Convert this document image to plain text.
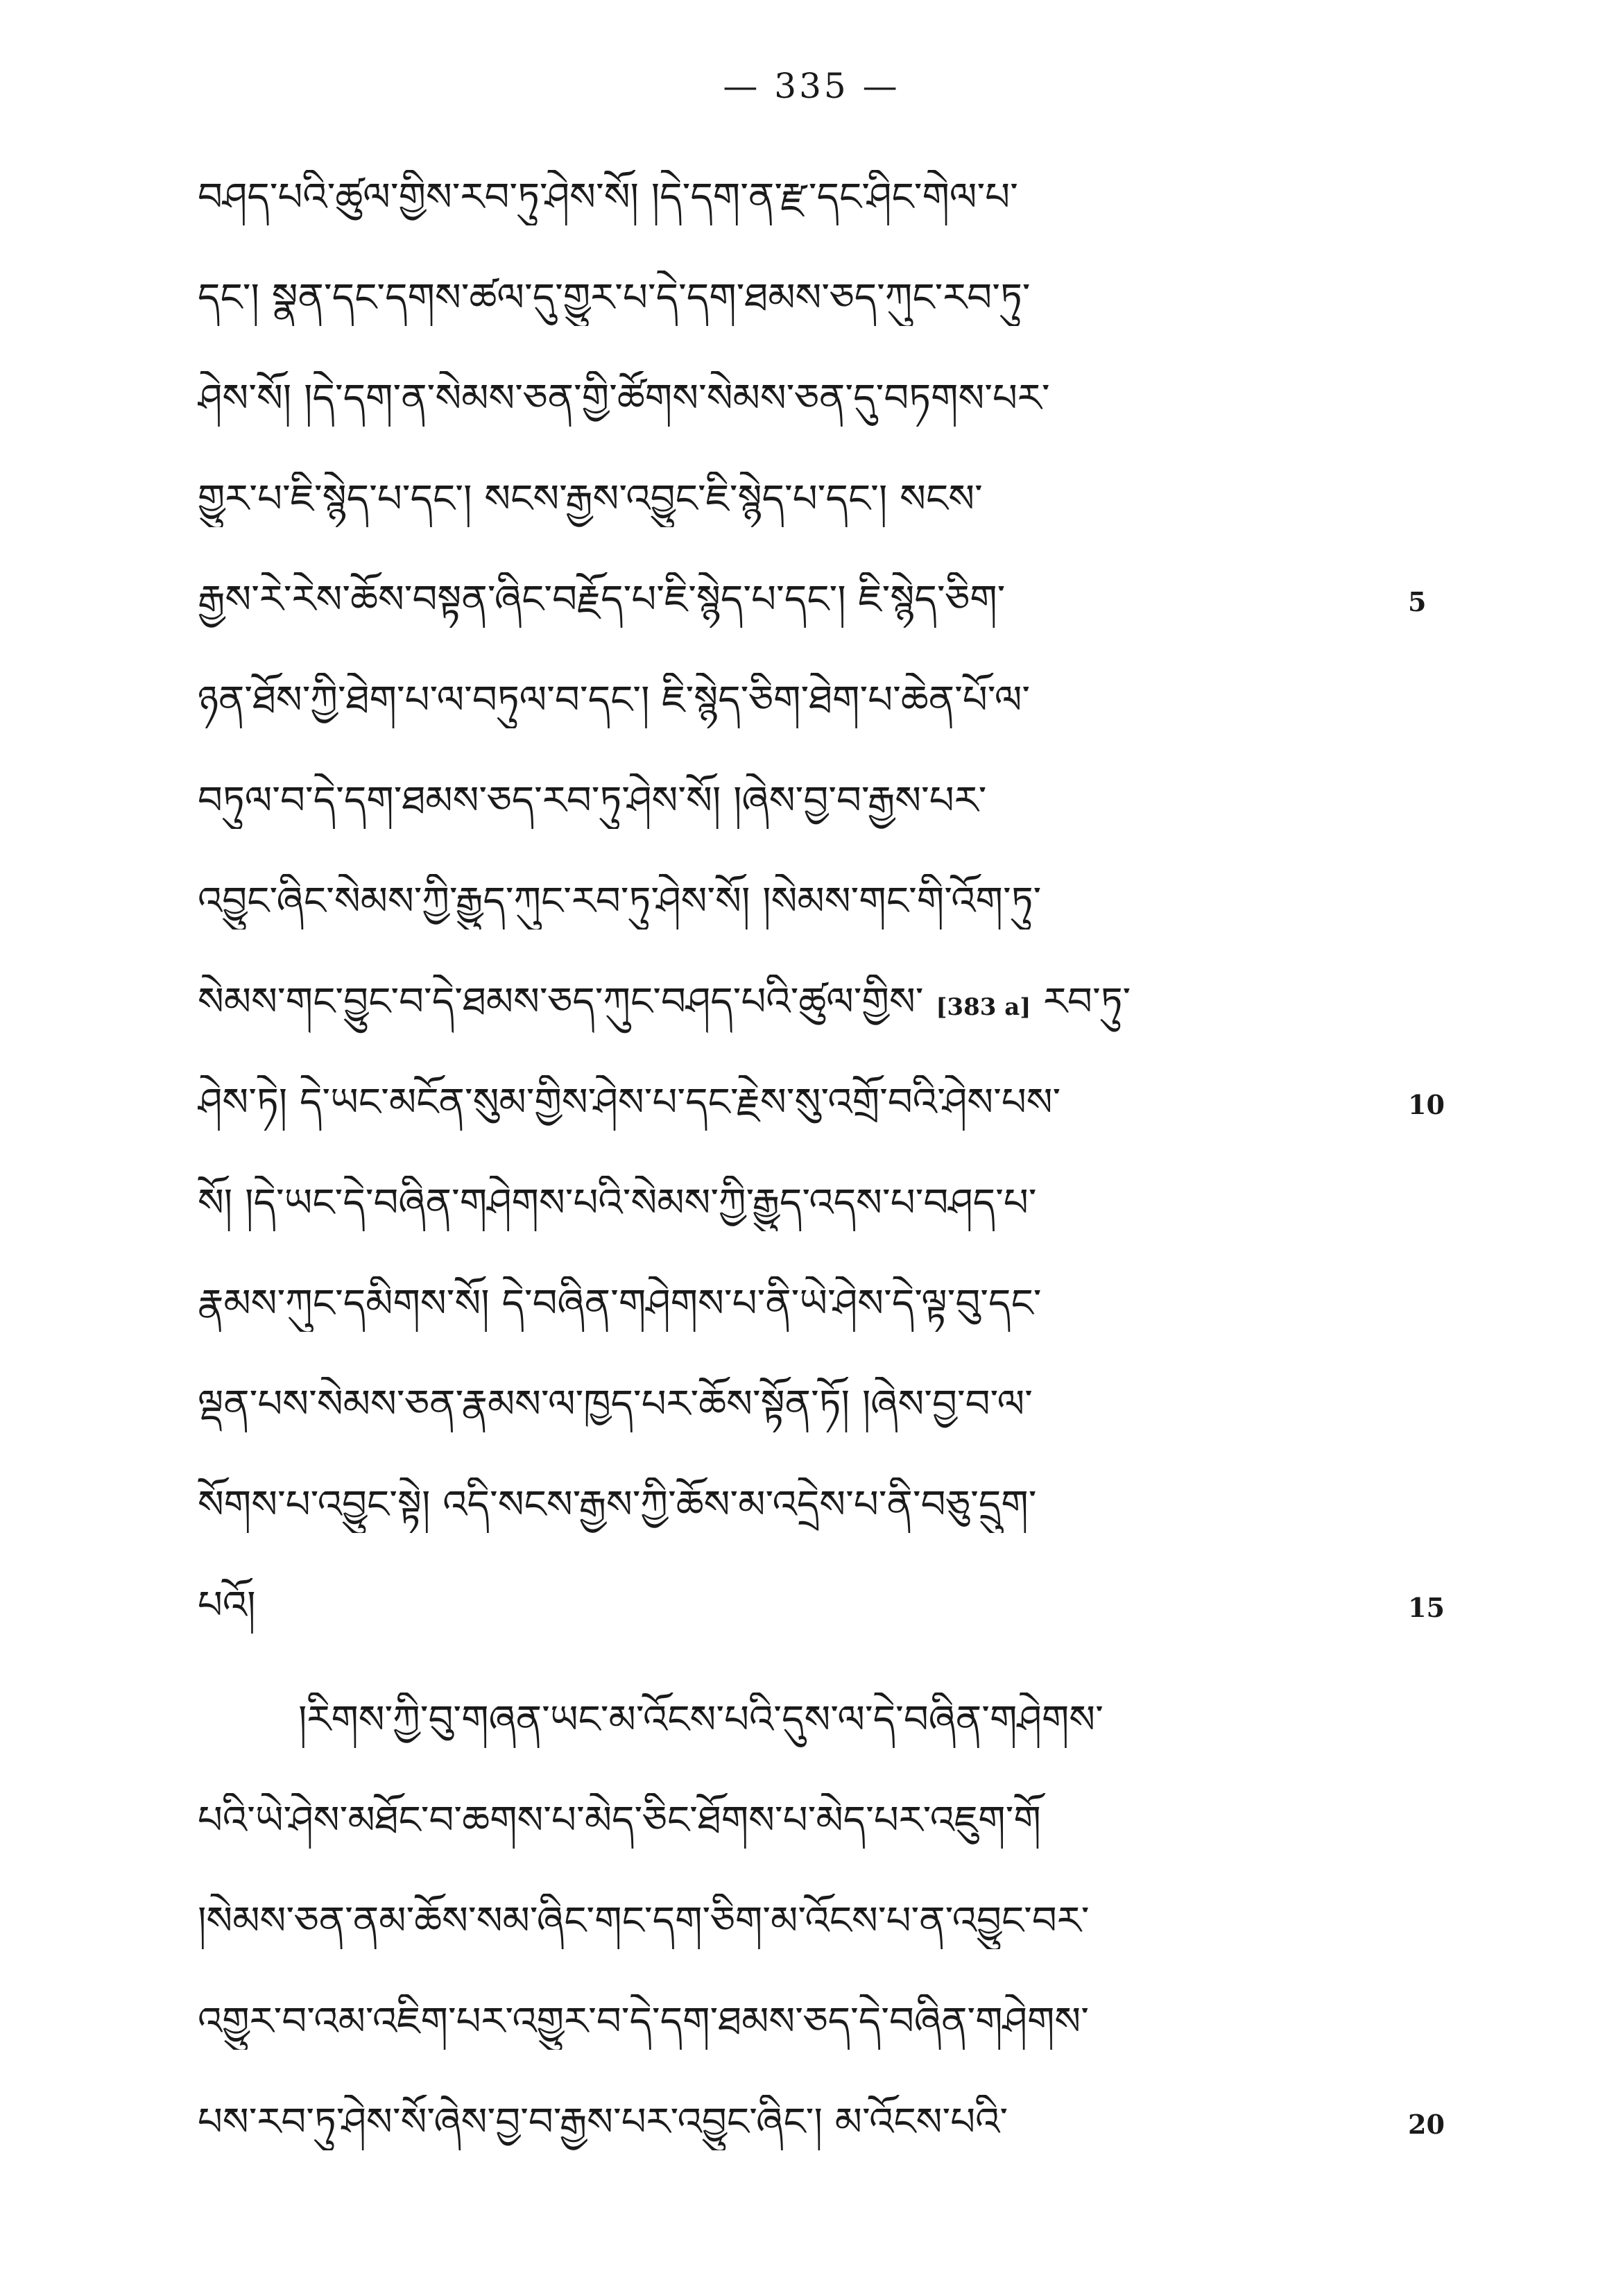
— 335 —
བཤད་པའི་ཚུལ་གྱིས་རབ་ཏུ་ཤེས་སོ། །དེ་དག་ན་རྫ་དང་ཤིང་གེལ་པ་
དང་། སྣན་དང་དགས་ཚལ་དུ་གྱུར་པ་དེ་དག་ཐམས་ཅད་ཀུང་རབ་ཏུ་
ཤེས་སོ། །དེ་དག་ན་སེམས་ཅན་གྱི་ཚོགས་སེམས་ཅན་དུ་བཏགས་པར་
གྱུར་པ་ཇི་སྙེད་པ་དང་། སངས་རྒྱས་འབྱུང་ཇི་སྙེད་པ་དང་། སངས་
རྒྱས་རེ་རེས་ཆོས་བསྟན་ཞིང་བརྗོད་པ་ཇི་སྙེད་པ་དང་། ཇི་སྙེད་ཅིག་
ཉན་ཐོས་ཀྱི་ཐེག་པ་ལ་བཏུལ་བ་དང་། ཇི་སྙེད་ཅིག་ཐེག་པ་ཆེན་པོ་ལ་
བཏུལ་བ་དེ་དག་ཐམས་ཅད་རབ་ཏུ་ཤེས་སོ། །ཞེས་བྱ་བ་རྒྱས་པར་
འབྱུང་ཞིང་སེམས་ཀྱི་རྒྱུད་ཀུང་རབ་ཏུ་ཤེས་སོ། །སེམས་གང་གི་འོག་ཏུ་
སེམས་གང་བྱུང་བ་དེ་ཐམས་ཅད་ཀུང་བཤད་པའི་ཚུལ་གྱིས་ [383 a] རབ་ཏུ་
ཤེས་ཏེ། དེ་ཡང་མངོན་སུམ་གྱིས་ཤེས་པ་དང་རྗེས་སུ་འགྲོ་བའི་ཤེས་པས་
སོ། །དེ་ཡང་དེ་བཞིན་གཤེགས་པའི་སེམས་ཀྱི་རྒྱུད་འདས་པ་བཤད་པ་
རྣམས་ཀུང་དམིགས་སོ། དེ་བཞིན་གཤེགས་པ་ནི་ཡེ་ཤེས་དེ་ལྟ་བུ་དང་
ལྡན་པས་སེམས་ཅན་རྣམས་ལ་ཁྱད་པར་ཆོས་སྟོན་ཏོ། །ཞེས་བྱ་བ་ལ་
སོགས་པ་འབྱུང་སྟེ། འདི་སངས་རྒྱས་ཀྱི་ཆོས་མ་འདྲེས་པ་ནི་བཅུ་དྲུག་
པའོ།
།རིགས་ཀྱི་བུ་གཞན་ཡང་མ་འོངས་པའི་དུས་ལ་དེ་བཞིན་གཤེགས་
པའི་ཡེ་ཤེས་མཐོང་བ་ཆགས་པ་མེད་ཅིང་ཐོགས་པ་མེད་པར་འཇུག་གོ
།སེམས་ཅན་ནམ་ཆོས་སམ་ཞིང་གང་དག་ཅིག་མ་འོངས་པ་ན་འབྱུང་བར་
འགྱུར་བ་འམ་འཇིག་པར་འགྱུར་བ་དེ་དག་ཐམས་ཅད་དེ་བཞིན་གཤེགས་
པས་རབ་ཏུ་ཤེས་སོ་ཞེས་བྱ་བ་རྒྱས་པར་འབྱུང་ཞིང་། མ་འོངས་པའི་
5
10
15
20
